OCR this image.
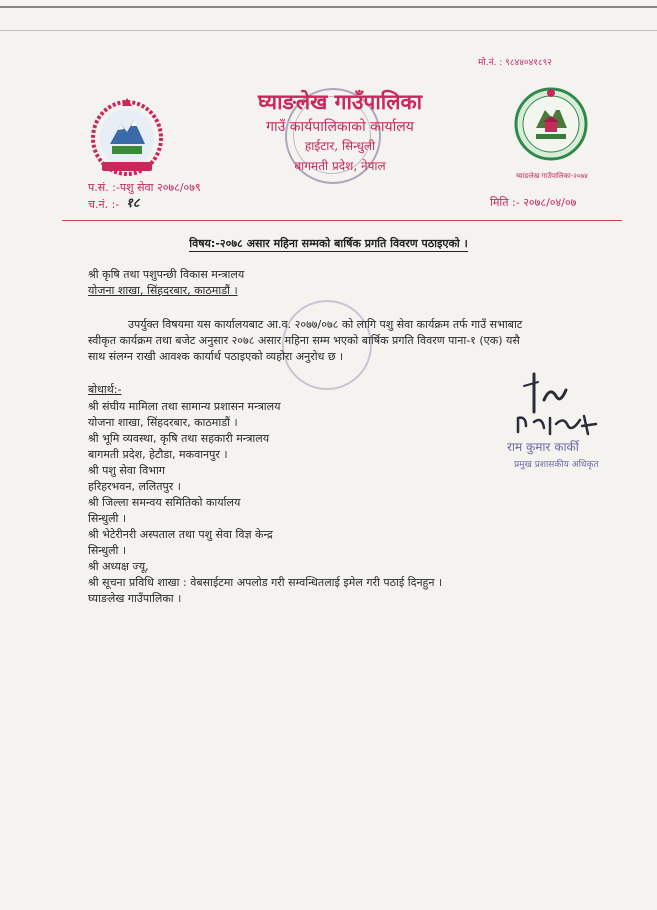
मो.नं. : ९८४४०४१८९२
घ्याङलेख गाउँपालिका
गाउँ कार्यपालिकाको कार्यालय
हाईटार, सिन्धुली
बागमती प्रदेश, नेपाल
घ्याङलेख गाउँपालिका-२०७४
प.सं. :-पशु सेवा २०७८/०७९
च.नं. :- १८	मिति :- २०७८/०४/०७
विषय:-२०७८ असार महिना सम्मको बार्षिक प्रगति विवरण पठाइएको ।
श्री कृषि तथा पशुपन्छी विकास मन्त्रालय
योजना शाखा, सिंहदरबार, काठमाडौं ।
उपर्युक्त विषयमा यस कार्यालयबाट आ.व. २०७७/०७८ को लागि पशु सेवा कार्यक्रम तर्फ गाउँ सभाबाट
स्वीकृत कार्यक्रम तथा बजेट अनुसार २०७८ असार महिना सम्म भएको बार्षिक प्रगति विवरण पाना-१ (एक) यसै
साथ संलग्न राखी आवश्क कार्यार्थ पठाइएको व्यहोरा अनुरोध छ ।
बोधार्थ:-
श्री संघीय मामिला तथा सामान्य प्रशासन मन्त्रालय
योजना शाखा, सिंहदरबार, काठमाडौं ।
श्री भूमि व्यवस्था, कृषि तथा सहकारी मन्त्रालय
बागमती प्रदेश, हेटौडा, मकवानपुर ।
श्री पशु सेवा विभाग
हरिहरभवन, ललितपुर ।
श्री जिल्ला समन्वय समितिको कार्यालय
सिन्धुली ।
श्री भेटेरीनरी अस्पताल तथा पशु सेवा विज्ञ केन्द्र
सिन्धुली ।
श्री अध्यक्ष ज्यू,
श्री सूचना प्रविधि शाखा : वेबसाईटमा अपलोड गरी सम्वन्धितलाई इमेल गरी पठाई दिनहुन ।
घ्याङलेख गाउँपालिका ।
राम कुमार कार्की
प्रमुख प्रशासकीय अधिकृत
